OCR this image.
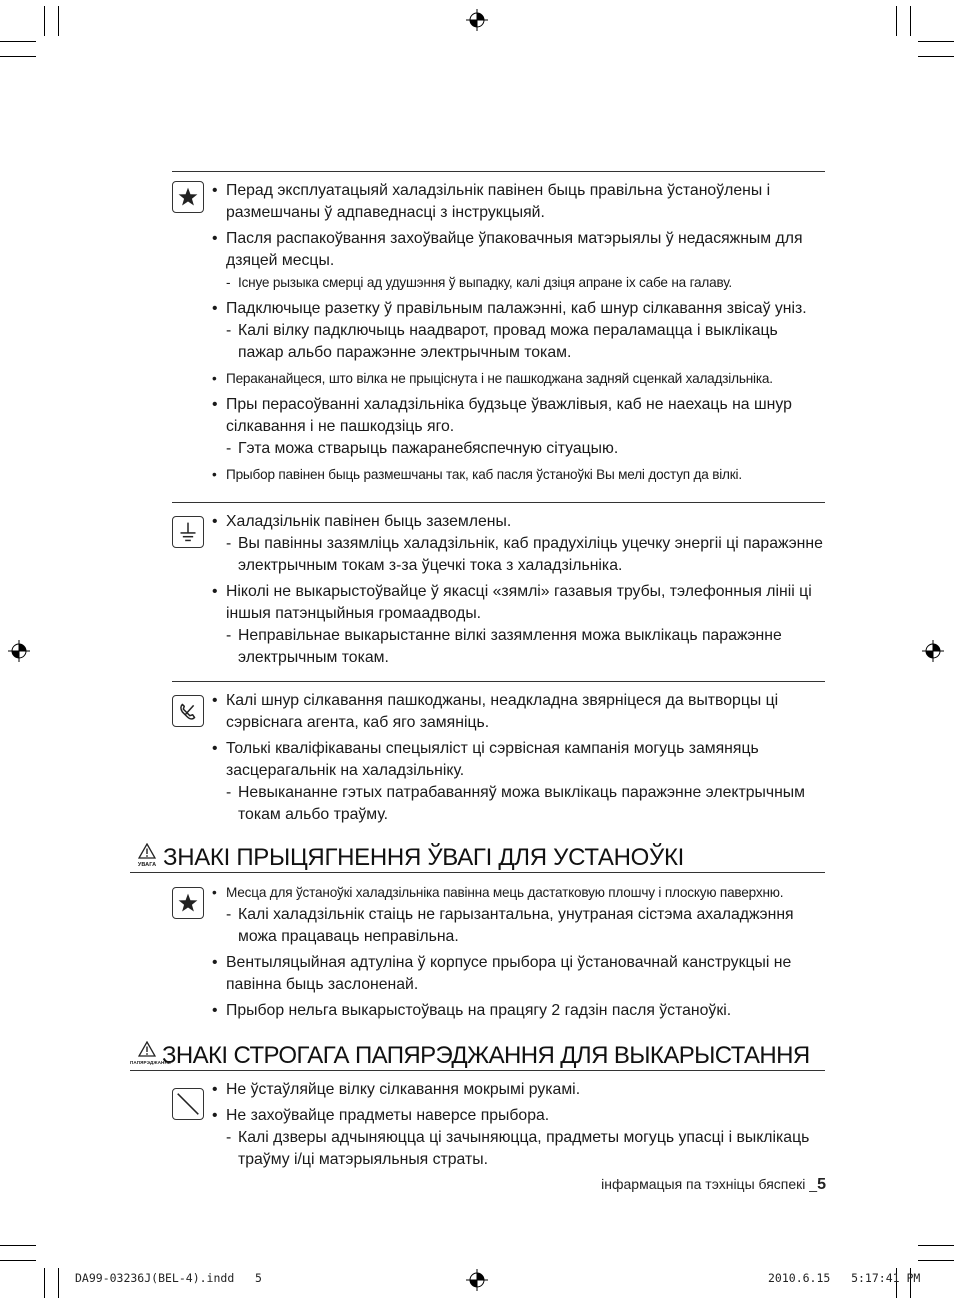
• Перад эксплуатацыяй халадзільнік павінен быць правільна ўстаноўлены і размешчаны ў адпаведнасці з інструкцыяй.
• Пасля распакоўвання захоўвайце ўпаковачныя матэрыялы ў недасяжным для дзяцей месцы.
- Існуе рызыка смерці ад удушэння ў выпадку, калі дзіця апране іх сабе на галаву.
• Падключыце разетку ў правільным палажэнні, каб шнур сілкавання звісаў уніз.
- Калі вілку падключыць наадварот, провад можа пераламацца і выклікаць пажар альбо паражэнне электрычным токам.
• Пераканайцеся, што вілка не прыціснута і не пашкоджана задняй сценкай халадзільніка.
• Пры перасоўванні халадзільніка будзьце ўважлівыя, каб не наехаць на шнур сілкавання і не пашкодзіць яго.
- Гэта можа стварыць пажаранебяспечную сітуацыю.
• Прыбор павінен быць размешчаны так, каб пасля ўстаноўкі Вы мелі доступ да вілкі.
• Халадзільнік павінен быць заземлены.
- Вы павінны зазямліць халадзільнік, каб прадухіліць уцечку энергіі ці паражэнне электрычным токам з-за ўцечкі тока з халадзільніка.
• Ніколі не выкарыстоўвайце ў якасці «зямлі» газавыя трубы, тэлефонныя лініі ці іншыя патэнцыйныя громаадводы.
- Неправільнае выкарыстанне вілкі зазямлення можа выклікаць паражэнне электрычным токам.
• Калі шнур сілкавання пашкоджаны, неадкладна звярніцеся да вытворцы ці сэрвіснага агента, каб яго замяніць.
• Толькі кваліфікаваны спецыяліст ці сэрвісная кампанія могуць замяняць засцерагальнік на халадзільніку.
- Невыкананне гэтых патрабаванняў можа выклікаць паражэнне электрычным токам альбо траўму.
УВАГА ЗНАКІ ПРЫЦЯГНЕННЯ ЎВАГІ ДЛЯ УСТАНОЎКІ
• Месца для ўстаноўкі халадзільніка павінна мець дастатковую плошчу і плоскую паверхню.
- Калі халадзільнік стаіць не гарызантальна, унутраная сістэма ахаладжэння можа працаваць неправільна.
• Вентыляцыйная адтуліна ў корпусе прыбора ці ўстановачнай канструкцыі не павінна быць заслоненай.
• Прыбор нельга выкарыстоўваць на працягу 2 гадзін пасля ўстаноўкі.
ПАПЯРЭДЖАННЕ
ЗНАКІ СТРОГАГА ПАПЯРЭДЖАННЯ ДЛЯ ВЫКАРЫСТАННЯ
• Не ўстаўляйце вілку сілкавання мокрымі рукамі.
• Не захоўвайце прадметы наверсе прыбора.
- Калі дзверы адчыняюцца ці зачыняюцца, прадметы могуць упасці і выклікаць траўму і/ці матэрыяльныя страты.
інфармацыя па тэхніцы бяспекі _5
DA99-03236J(BEL-4).indd   5	2010.6.15   5:17:41 PM
